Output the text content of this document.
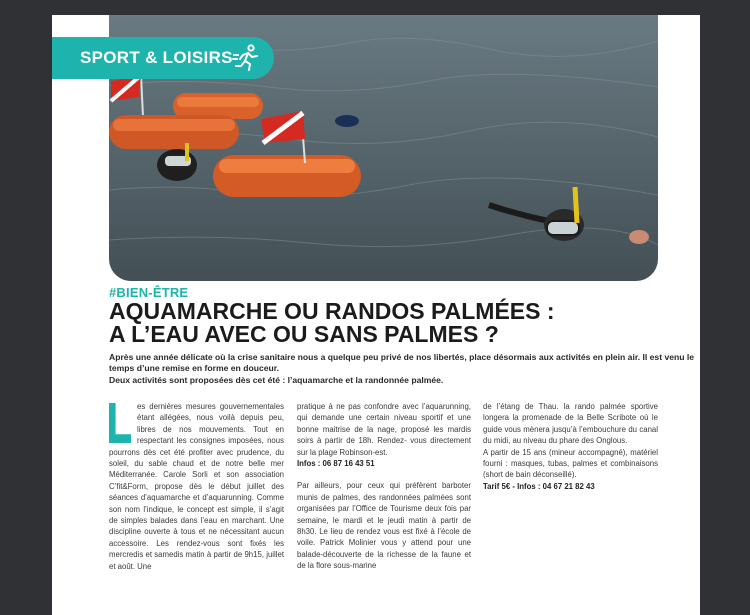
SPORT & LOISIRS
#BIEN-ÊTRE
AQUAMARCHE OU RANDOS PALMÉES :
A L’EAU AVEC OU SANS PALMES ?

Après une année délicate où la crise sanitaire nous a quelque peu privé de nos libertés, place désormais aux activités en plein air. Il est venu le temps d’une remise en forme en douceur.

Deux activités sont proposées dès cet été : l’aquamarche et la randonnée palmée.

es dernières mesures gouvernementales étant allégées, nous voilà depuis peu, libres de nos mouvements. Tout en respectant les consignes imposées, nous pourrons dès cet été profiter avec prudence, du soleil, du sable chaud et de notre belle mer Méditerranée. Carole Sorli et son association C’fit&Form, propose dès le début juillet des séances d’aquamarche et d’aquarunning. Comme son nom l’indique, le concept est simple, il s’agit de simples balades dans l’eau en marchant. Une discipline ouverte à tous et ne nécessitant aucun accessoire. Les rendez-vous sont fixés les mercredis et samedis matin à partir de 9h15, juillet et août. Une

pratique à ne pas confondre avec l’aquarunning, qui demande une certain niveau sportif et une bonne maitrise de la nage, proposé les mardis soirs à partir de 18h. Rendez- vous directement sur la plage Robinson-est.

Infos : 06 87 16 43 51

Par ailleurs, pour ceux qui préfèrent barboter munis de palmes, des randonnées palmées sont organisées par l’Office de Tourisme deux fois par semaine, le mardi et le jeudi matin à partir de 8h30. Le lieu de rendez vous est fixé à l’école de voile. Patrick Molinier vous y attend pour une balade-découverte de la richesse de la faune et de la flore sous-marine

de l’étang de Thau. la rando palmée sportive longera la promenade de la Belle Scribote où le guide vous mènera jusqu’à l’embouchure du canal du midi, au niveau du phare des Onglous.

A partir de 15 ans (mineur accompagné), matériel fourni : masques, tubas, palmes et combinaisons (short de bain déconseillé).

Tarif 5€ - Infos : 04 67 21 82 43
